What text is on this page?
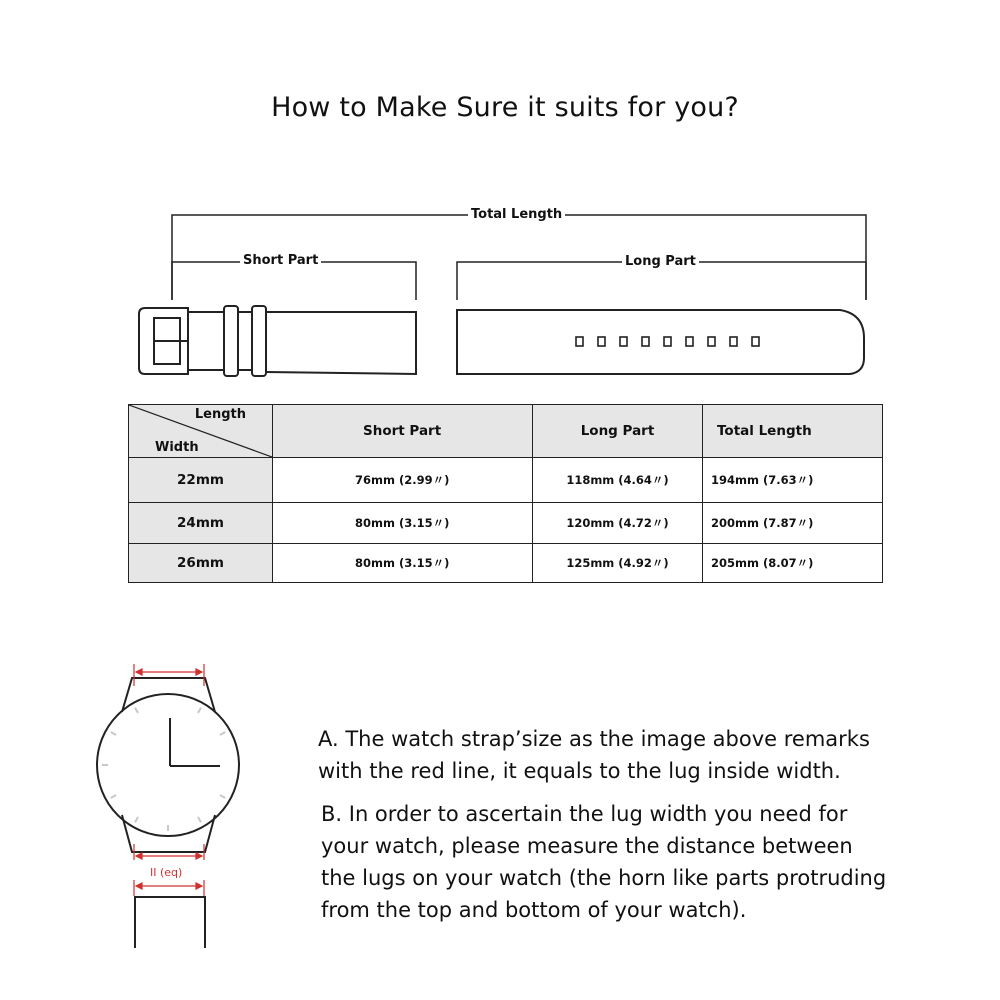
How to Make Sure it suits for you?
Total Length
Short Part	Long Part
Length
Width	Short Part	Long Part	Total Length
22mm	76mm (2.99〃)	118mm (4.64〃)	194mm (7.63〃)
24mm	80mm (3.15〃)	120mm (4.72〃)	200mm (7.87〃)
26mm	80mm (3.15〃)	125mm (4.92〃)	205mm (8.07〃)
II (eq)
A. The watch strap’size as the image above remarks
with the red line, it equals to the lug inside width.
B. In order to ascertain the lug width you need for
your watch, please measure the distance between
the lugs on your watch (the horn like parts protruding
from the top and bottom of your watch).
